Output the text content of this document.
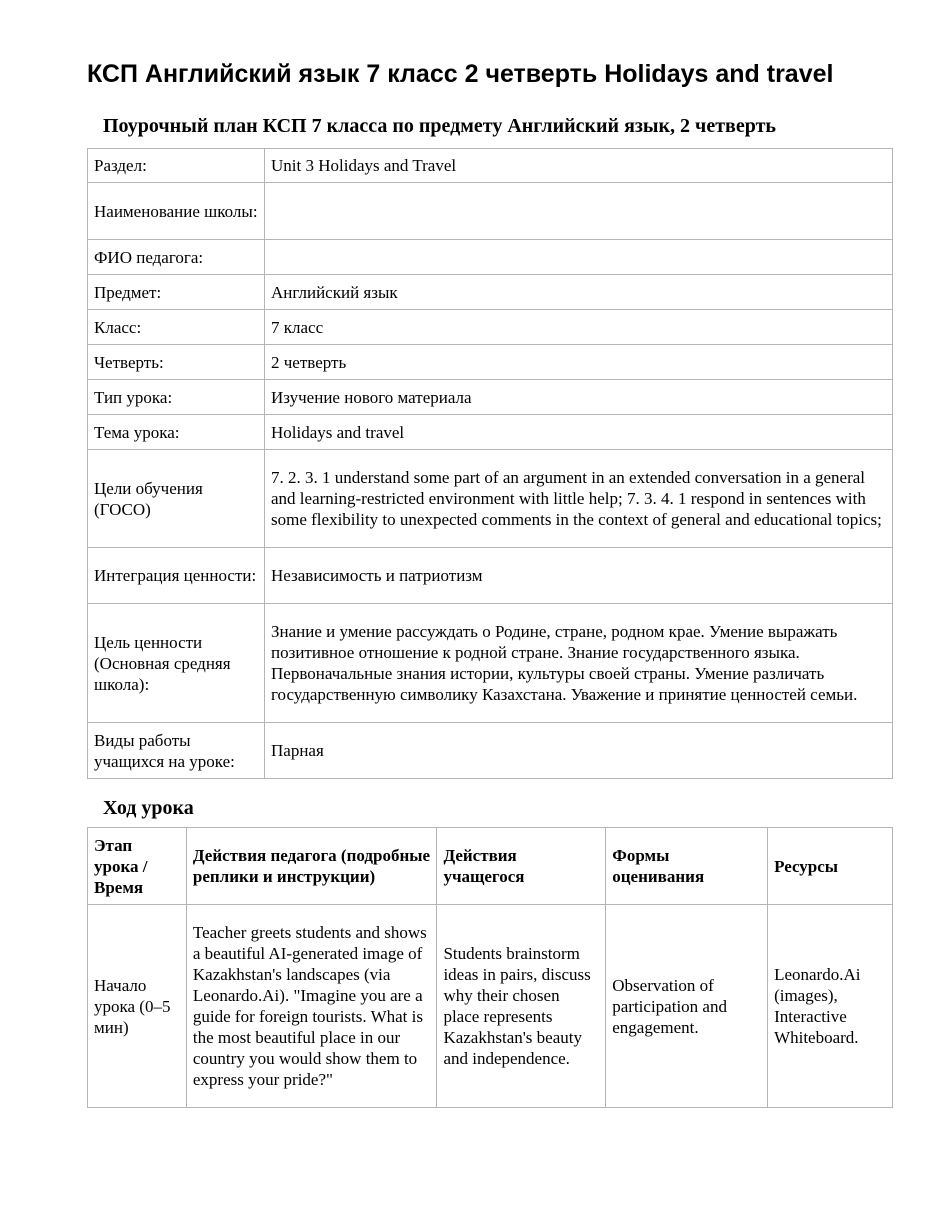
КСП Английский язык 7 класс 2 четверть Holidays and travel
Поурочный план КСП 7 класса по предмету Английский язык, 2 четверть
Раздел:	Unit 3 Holidays and Travel
Наименование школы:	
ФИО педагога:	
Предмет:	Английский язык
Класс:	7 класс
Четверть:	2 четверть
Тип урока:	Изучение нового материала
Тема урока:	Holidays and travel
Цели обучения (ГОСО)	7. 2. 3. 1 understand some part of an argument in an extended conversation in a general and learning-restricted environment with little help; 7. 3. 4. 1 respond in sentences with some flexibility to unexpected comments in the context of general and educational topics;
Интеграция ценности:	Независимость и патриотизм
Цель ценности (Основная средняя школа):	Знание и умение рассуждать о Родине, стране, родном крае. Умение выражать позитивное отношение к родной стране. Знание государственного языка. Первоначальные знания истории, культуры своей страны. Умение различать государственную символику Казахстана. Уважение и принятие ценностей семьи.
Виды работы учащихся на уроке:	Парная
Ход урока
Этап урока / Время	Действия педагога (подробные реплики и инструкции)	Действия учащегося	Формы оценивания	Ресурсы
Начало урока (0–5 мин)	Teacher greets students and shows a beautiful AI-generated image of Kazakhstan's landscapes (via Leonardo.Ai). "Imagine you are a guide for foreign tourists. What is the most beautiful place in our country you would show them to express your pride?"	Students brainstorm ideas in pairs, discuss why their chosen place represents Kazakhstan's beauty and independence.	Observation of participation and engagement.	Leonardo.Ai (images), Interactive Whiteboard.
